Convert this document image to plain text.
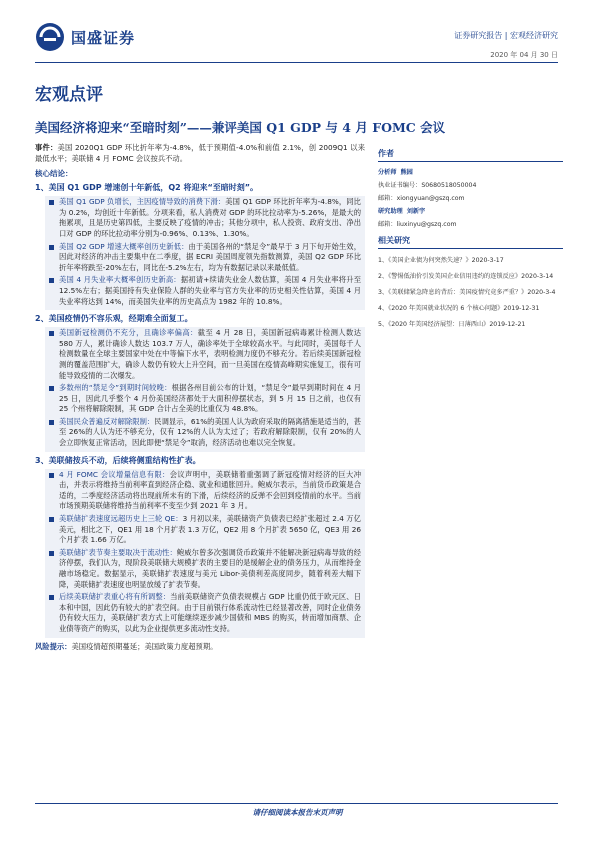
国盛证券	证券研究报告 | 宏观经济研究
2020 年 04 月 30 日
宏观点评
美国经济将迎来“至暗时刻”——兼评美国 Q1 GDP 与 4 月 FOMC 会议

事件：美国 2020Q1 GDP 环比折年率为-4.8%，低于预期值-4.0%和前值 2.1%，创 2009Q1 以来最低水平；美联储 4 月 FOMC 会议按兵不动。

核心结论：
1、美国 Q1 GDP 增速创十年新低，Q2 将迎来“至暗时刻”。

美国 Q1 GDP 负增长，主因疫情导致的消费下滑：美国 Q1 GDP 环比折年率为-4.8%，同比为 0.2%，均创近十年新低。分项来看，私人消费对 GDP 的环比拉动率为-5.26%，是最大的拖累项，且是历史第四低，主要反映了疫情的冲击；其他分项中，私人投资、政府支出、净出口对 GDP 的环比拉动率分别为-0.96%、0.13%、1.30%。

美国 Q2 GDP 增速大概率创历史新低：由于美国各州的“禁足令”最早于 3 月下旬开始生效，因此对经济的冲击主要集中在二季度，据 ECRI 美国周度领先指数测算，美国 Q2 GDP 环比折年率将跌至-20%左右，同比在-5.2%左右，均为有数据记录以来最低值。

美国 4 月失业率大概率创历史新高：据初请+续请失业金人数估算，美国 4 月失业率将升至 12.5%左右；据美国持有失业保险人群的失业率与官方失业率的历史相关性估算，美国 4 月失业率将达到 14%，而美国失业率的历史高点为 1982 年的 10.8%。

2、美国疫情仍不容乐观，经期难全面复工。

美国新冠检测仍不充分，且确诊率偏高：截至 4 月 28 日，美国新冠病毒累计检测人数达 580 万人，累计确诊人数达 103.7 万人，确诊率处于全球较高水平。与此同时，美国每千人检测数量在全球主要国家中处在中等偏下水平，表明检测力度仍不够充分。若后续美国新冠检测的覆盖范围扩大，确诊人数仍有较大上升空间，而一旦美国在疫情高峰期实施复工，很有可能导致疫情的二次爆发。

多数州的“禁足令”到期时间较晚：根据各州目前公布的计划，“禁足令”最早到期时间在 4 月 25 日，因此几乎整个 4 月份美国经济都处于大面积停摆状态，到 5 月 15 日之前，也仅有 25 个州将解除限制，其 GDP 合计占全美的比重仅为 48.8%。

美国民众普遍反对解除限制：民调显示，61%的美国人认为政府采取的隔离措施是适当的，甚至 26%的人认为还不够充分，仅有 12%的人认为太过了；若政府解除限制，仅有 20%的人会立即恢复正常活动，因此即便“禁足令”取消，经济活动也难以完全恢复。

3、美联储按兵不动，后续将侧重结构性扩表。

4 月 FOMC 会议增量信息有限：会议声明中，美联储着重强调了新冠疫情对经济的巨大冲击，并表示将维持当前利率直到经济企稳、就业和通胀回升。鲍威尔表示，当前货币政策是合适的，二季度经济活动将出现前所未有的下滑，后续经济的反弹不会回到疫情前的水平。当前市场预期美联储将维持当前利率不变至少到 2021 年 3 月。

美联储扩表速度远超历史上三轮 QE：3 月初以来，美联储资产负债表已经扩张超过 2.4 万亿美元，相比之下，QE1 用 18 个月扩表 1.3 万亿，QE2 用 8 个月扩表 5650 亿，QE3 用 26 个月扩表 1.66 万亿。

美联储扩表节奏主要取决于流动性：鲍威尔曾多次强调货币政策并不能解决新冠病毒导致的经济停摆，我们认为，现阶段美联储大规模扩表的主要目的是缓解企业的债务压力，从而维持金融市场稳定。数据显示，美联储扩表速度与美元 Libor-美债利差高度同步，随着利差大幅下降，美联储扩表速度也明显放缓了扩表节奏。

后续美联储扩表重心将有所调整：当前美联储资产负债表规模占 GDP 比重仍低于欧元区、日本和中国，因此仍有较大的扩表空间。由于目前银行体系流动性已经显著改善，同时企业债务仍有较大压力，美联储扩表方式上可能继续逐步减少国债和 MBS 的购买，转而增加商票、企业债等资产的购买，以此为企业提供更多流动性支持。

风险提示：美国疫情超预期蔓延；美国政策力度超预期。

作者
分析师 熊园
执业证书编号：S0680518050004
邮箱：xiongyuan@gszq.com
研究助理 刘新宇
邮箱：liuxinyu@gszq.com
相关研究
1、《美国企业债为何突然失速？》2020-3-17
2、《警惕低油价引发美国企业信用违约的连锁反应》2020-3-14
3、《美联储紧急降息的背后：美国疫情究竟多严重？》2020-3-4
4、《2020 年美国就业状况的 6 个核心问题》2019-12-31
5、《2020 年美国经济展望：日薄西山》2019-12-21
请仔细阅读本报告末页声明
